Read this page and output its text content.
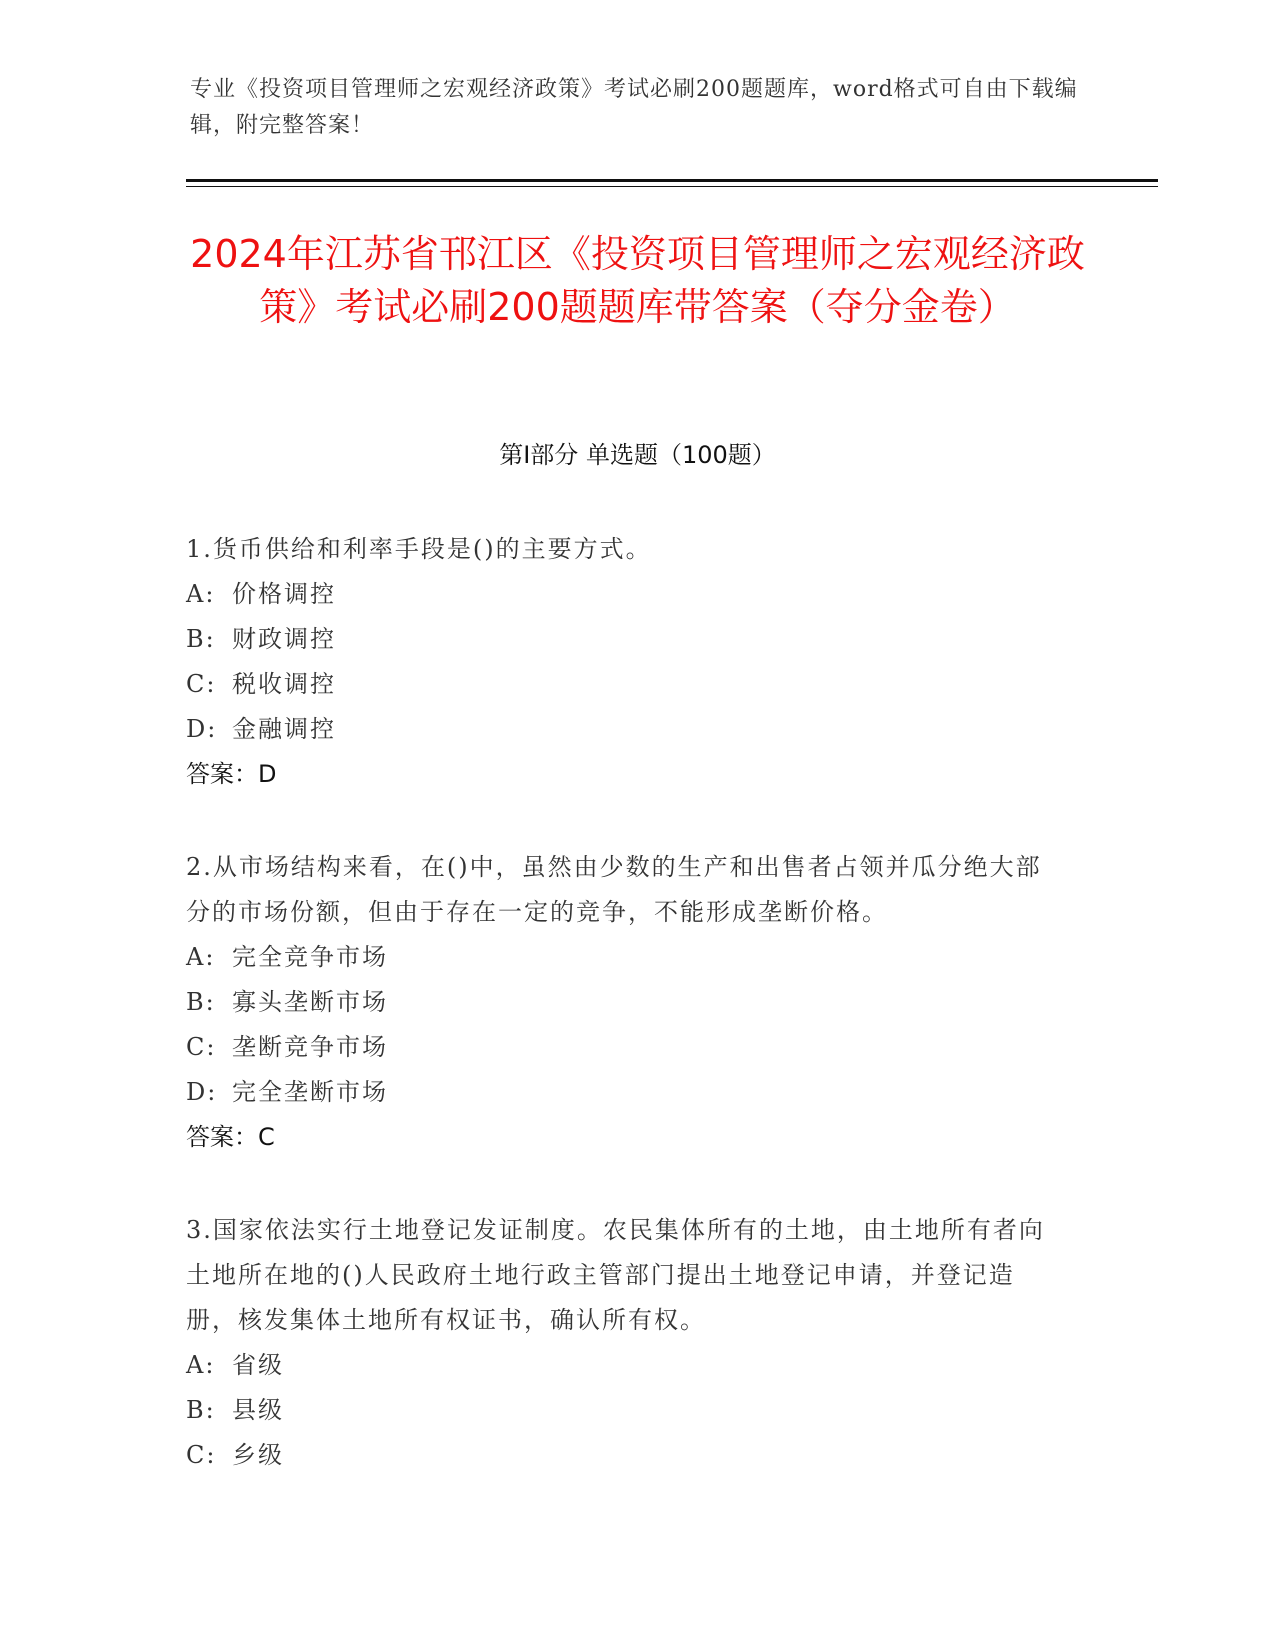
专业《投资项目管理师之宏观经济政策》考试必刷200题题库，word格式可自由下载编辑，附完整答案！
2024年江苏省邗江区《投资项目管理师之宏观经济政策》考试必刷200题题库带答案（夺分金卷）
第Ⅰ部分 单选题（100题）
1.货币供给和利率手段是()的主要方式。
A: 价格调控
B: 财政调控
C: 税收调控
D: 金融调控
答案：D
2.从市场结构来看，在()中，虽然由少数的生产和出售者占领并瓜分绝大部分的市场份额，但由于存在一定的竞争，不能形成垄断价格。
A: 完全竞争市场
B: 寡头垄断市场
C: 垄断竞争市场
D: 完全垄断市场
答案：C
3.国家依法实行土地登记发证制度。农民集体所有的土地，由土地所有者向土地所在地的()人民政府土地行政主管部门提出土地登记申请，并登记造册，核发集体土地所有权证书，确认所有权。
A: 省级
B: 县级
C: 乡级
